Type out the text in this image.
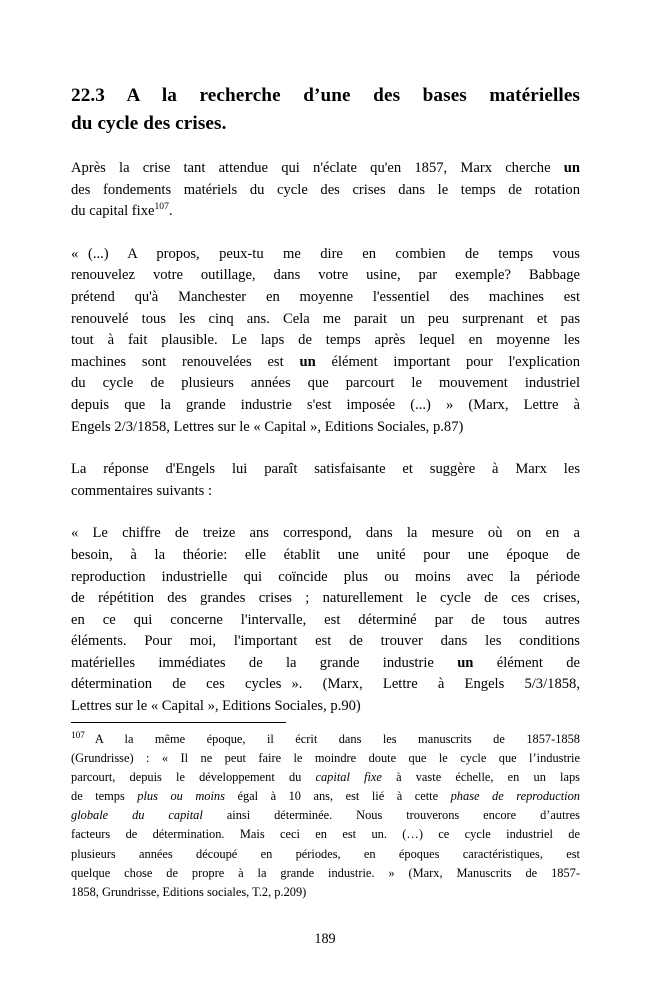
22.3 A la recherche d’une des bases matérielles
du cycle des crises.

Après la crise tant attendue qui n'éclate qu'en 1857, Marx cherche un
des fondements matériels du cycle des crises dans le temps de rotation
du capital fixe$^{107}$.

« (...)  A  propos,  peux-tu  me  dire  en  combien  de  temps  vous
renouvelez votre outillage, dans votre usine, par exemple? Babbage
prétend qu'à Manchester en moyenne l'essentiel des machines est
renouvelé tous les cinq ans. Cela me parait un peu surprenant et pas
tout à fait plausible. Le laps de temps après lequel en moyenne les
machines sont renouvelées est un élément important pour l'explication
du cycle de plusieurs années que parcourt le mouvement industriel
depuis que la grande industrie s'est imposée (...) » (Marx, Lettre à
Engels 2/3/1858, Lettres sur le « Capital », Editions Sociales, p.87)

La réponse d'Engels lui paraît satisfaisante et suggère à Marx les
commentaires suivants :

« Le chiffre de treize ans correspond, dans la mesure où on en a
besoin,  à  la  théorie:  elle  établit  une  unité  pour  une  époque  de
reproduction industrielle qui coïncide plus ou moins avec la période
de répétition des grandes crises ; naturellement le cycle de ces crises,
en ce qui concerne l'intervalle, est déterminé par de tous autres
éléments. Pour moi, l'important est de trouver dans les conditions
matérielles  immédiates  de  la  grande  industrie  un  élément  de
détermination  de  ces  cycles ».  (Marx,  Lettre  à  Engels  5/3/1858,
Lettres sur le « Capital », Editions Sociales, p.90)

$^{107}$ A  la  même  époque,  il  écrit  dans  les  manuscrits  de  1857-1858
(Grundrisse) : « Il ne peut faire le moindre doute que le cycle que l’industrie
parcourt, depuis le développement du capital fixe à vaste échelle, en un laps
de temps plus ou moins égal à 10 ans, est lié à cette phase de reproduction
globale du capital ainsi déterminée. Nous trouverons encore d’autres
facteurs de détermination. Mais ceci en est un. (…) ce cycle industriel de
plusieurs  années  découpé  en  périodes,  en  époques  caractéristiques,  est
quelque chose de propre à la grande industrie. » (Marx, Manuscrits de 1857-
1858, Grundrisse, Editions sociales, T.2, p.209)

189
